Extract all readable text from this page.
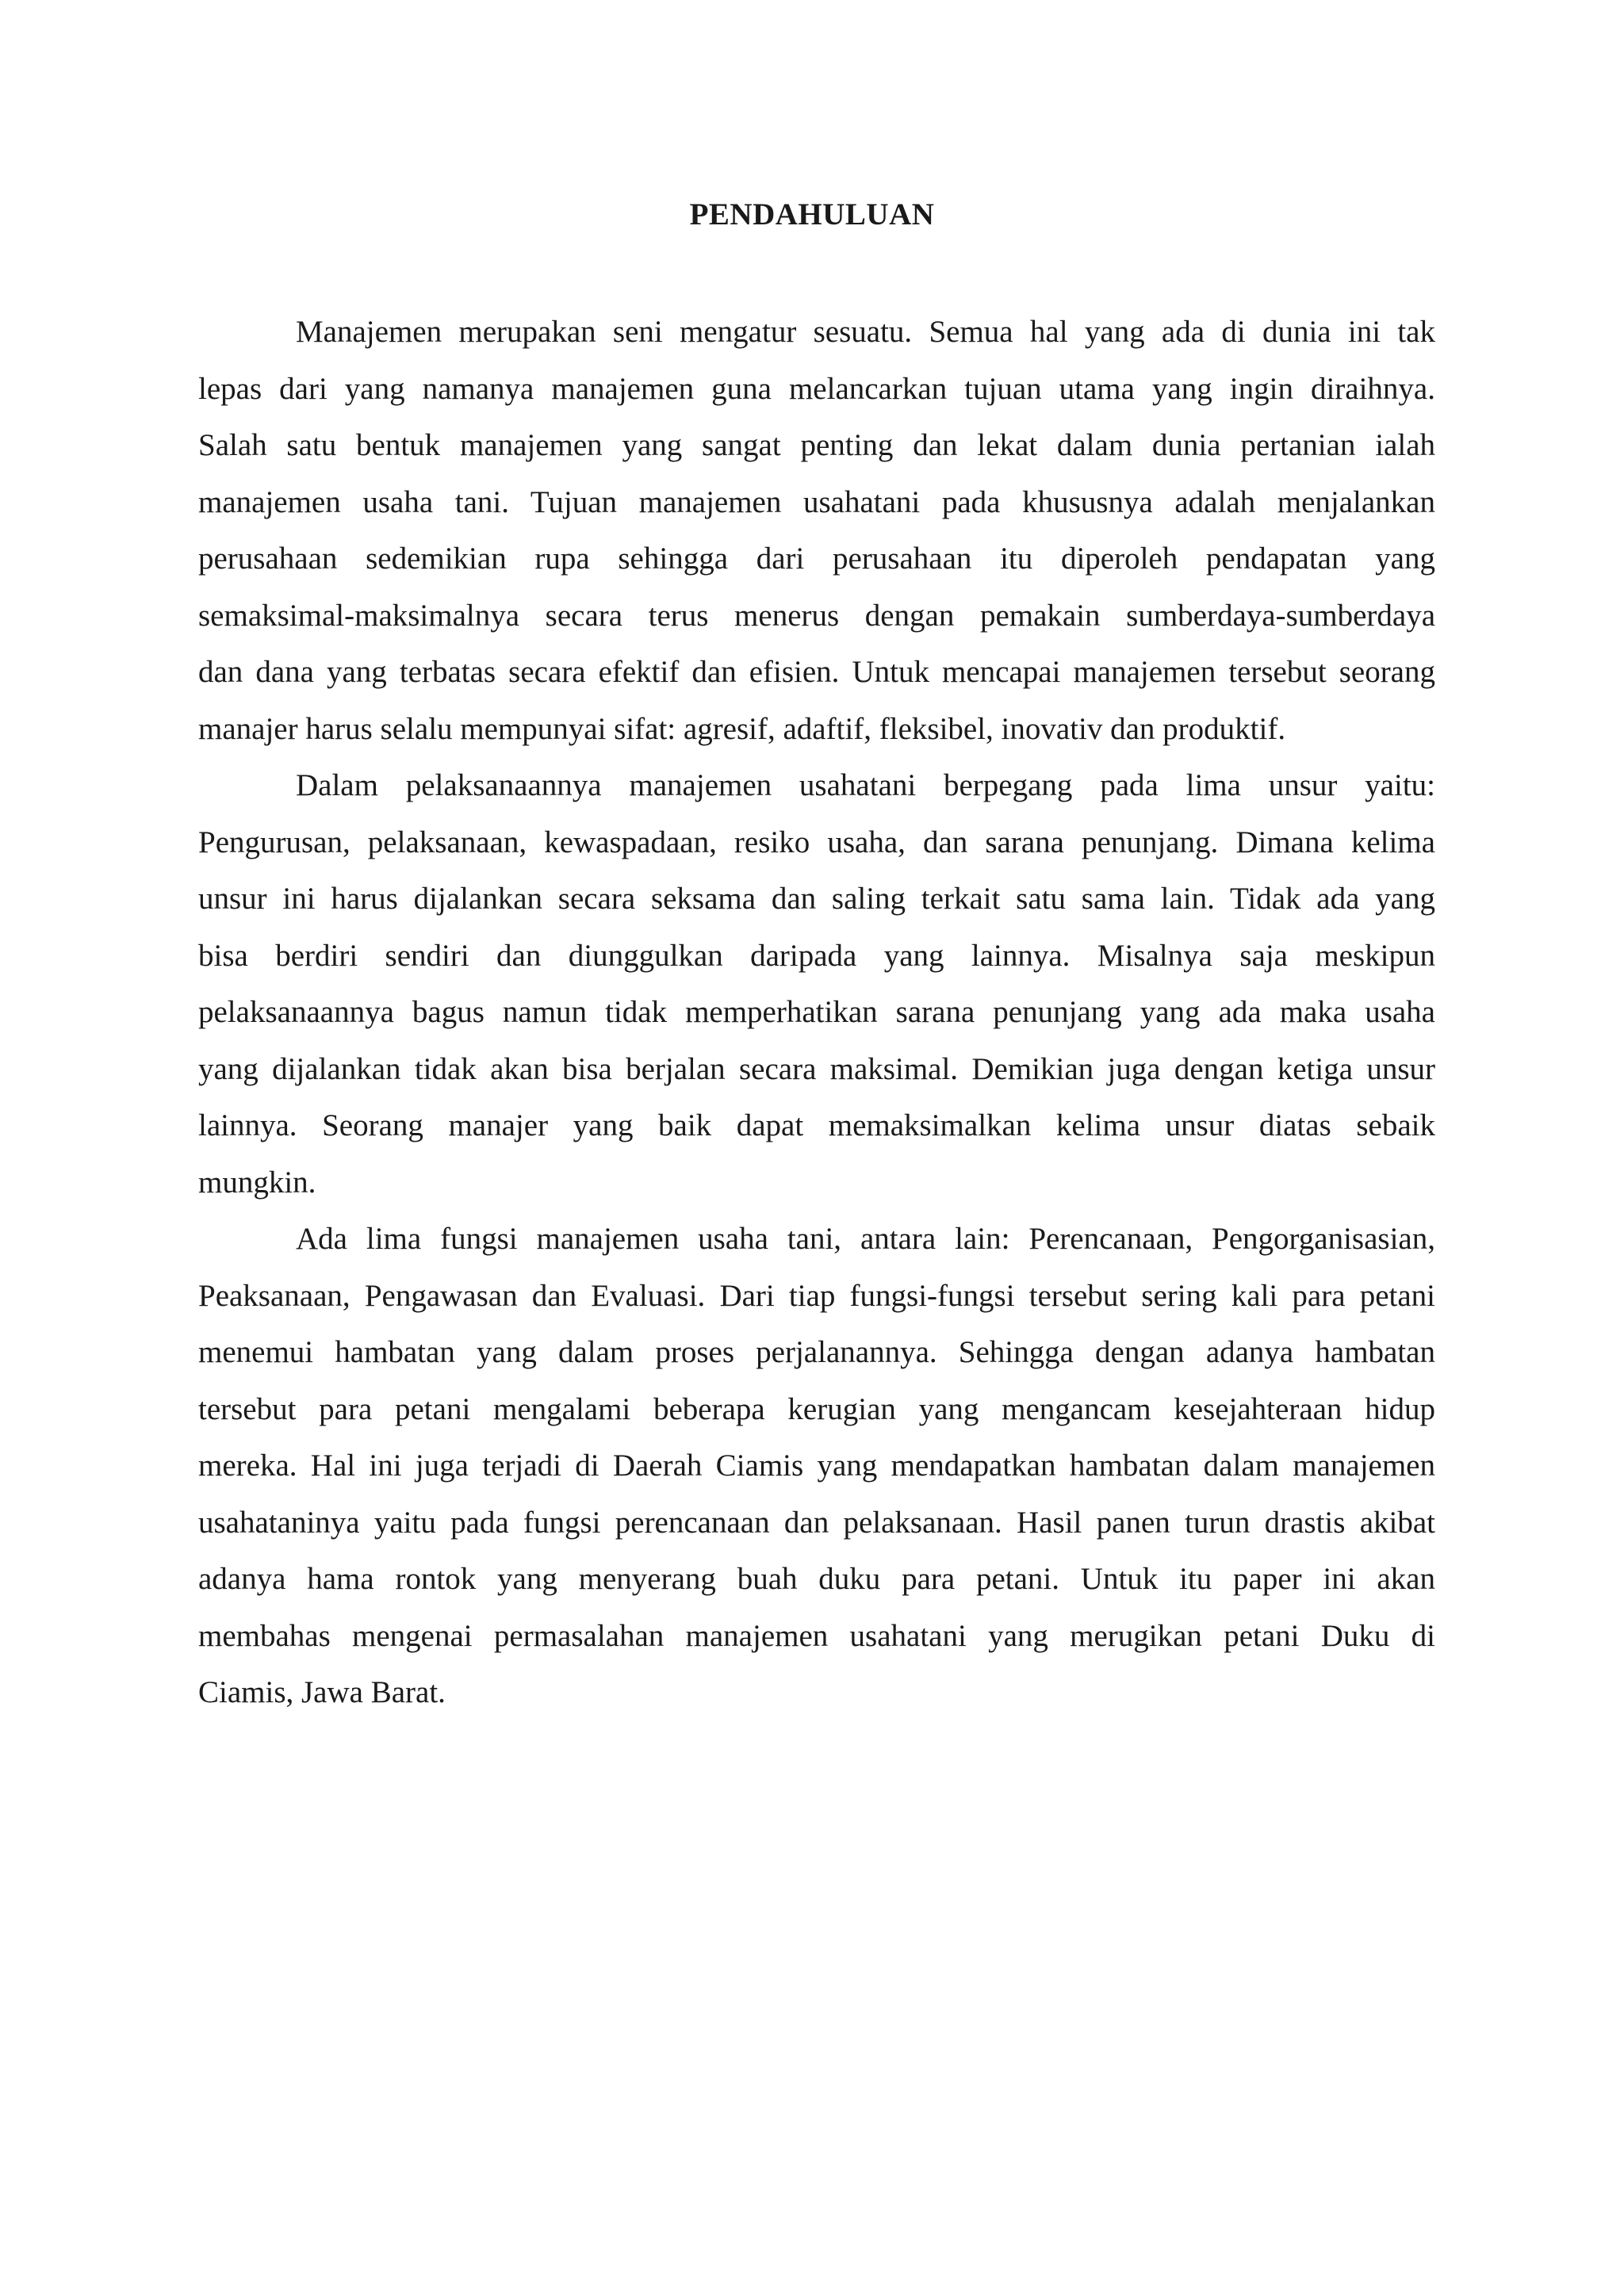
PENDAHULUAN

Manajemen merupakan seni mengatur sesuatu. Semua hal yang ada di dunia ini tak
lepas dari yang namanya manajemen guna melancarkan tujuan utama yang ingin diraihnya.
Salah satu bentuk manajemen yang sangat penting dan lekat dalam dunia pertanian ialah
manajemen usaha tani. Tujuan manajemen usahatani pada khususnya adalah menjalankan
perusahaan sedemikian rupa sehingga dari perusahaan itu diperoleh pendapatan yang
semaksimal-maksimalnya secara terus menerus dengan pemakain sumberdaya-sumberdaya
dan dana yang terbatas secara efektif dan efisien. Untuk mencapai manajemen tersebut seorang
manajer harus selalu mempunyai sifat: agresif, adaftif, fleksibel, inovativ dan produktif.

Dalam pelaksanaannya manajemen usahatani berpegang pada lima unsur yaitu:
Pengurusan, pelaksanaan, kewaspadaan, resiko usaha, dan sarana penunjang. Dimana kelima
unsur ini harus dijalankan secara seksama dan saling terkait satu sama lain. Tidak ada yang
bisa berdiri sendiri dan diunggulkan daripada yang lainnya. Misalnya saja meskipun
pelaksanaannya bagus namun tidak memperhatikan sarana penunjang yang ada maka usaha
yang dijalankan tidak akan bisa berjalan secara maksimal. Demikian juga dengan ketiga unsur
lainnya. Seorang manajer yang baik dapat memaksimalkan kelima unsur diatas sebaik
mungkin.

Ada lima fungsi manajemen usaha tani, antara lain: Perencanaan, Pengorganisasian,
Peaksanaan, Pengawasan dan Evaluasi. Dari tiap fungsi-fungsi tersebut sering kali para petani
menemui hambatan yang dalam proses perjalanannya. Sehingga dengan adanya hambatan
tersebut para petani mengalami beberapa kerugian yang mengancam kesejahteraan hidup
mereka. Hal ini juga terjadi di Daerah Ciamis yang mendapatkan hambatan dalam manajemen
usahataninya yaitu pada fungsi perencanaan dan pelaksanaan. Hasil panen turun drastis akibat
adanya hama rontok yang menyerang buah duku para petani. Untuk itu paper ini akan
membahas mengenai permasalahan manajemen usahatani yang merugikan petani Duku di
Ciamis, Jawa Barat.
